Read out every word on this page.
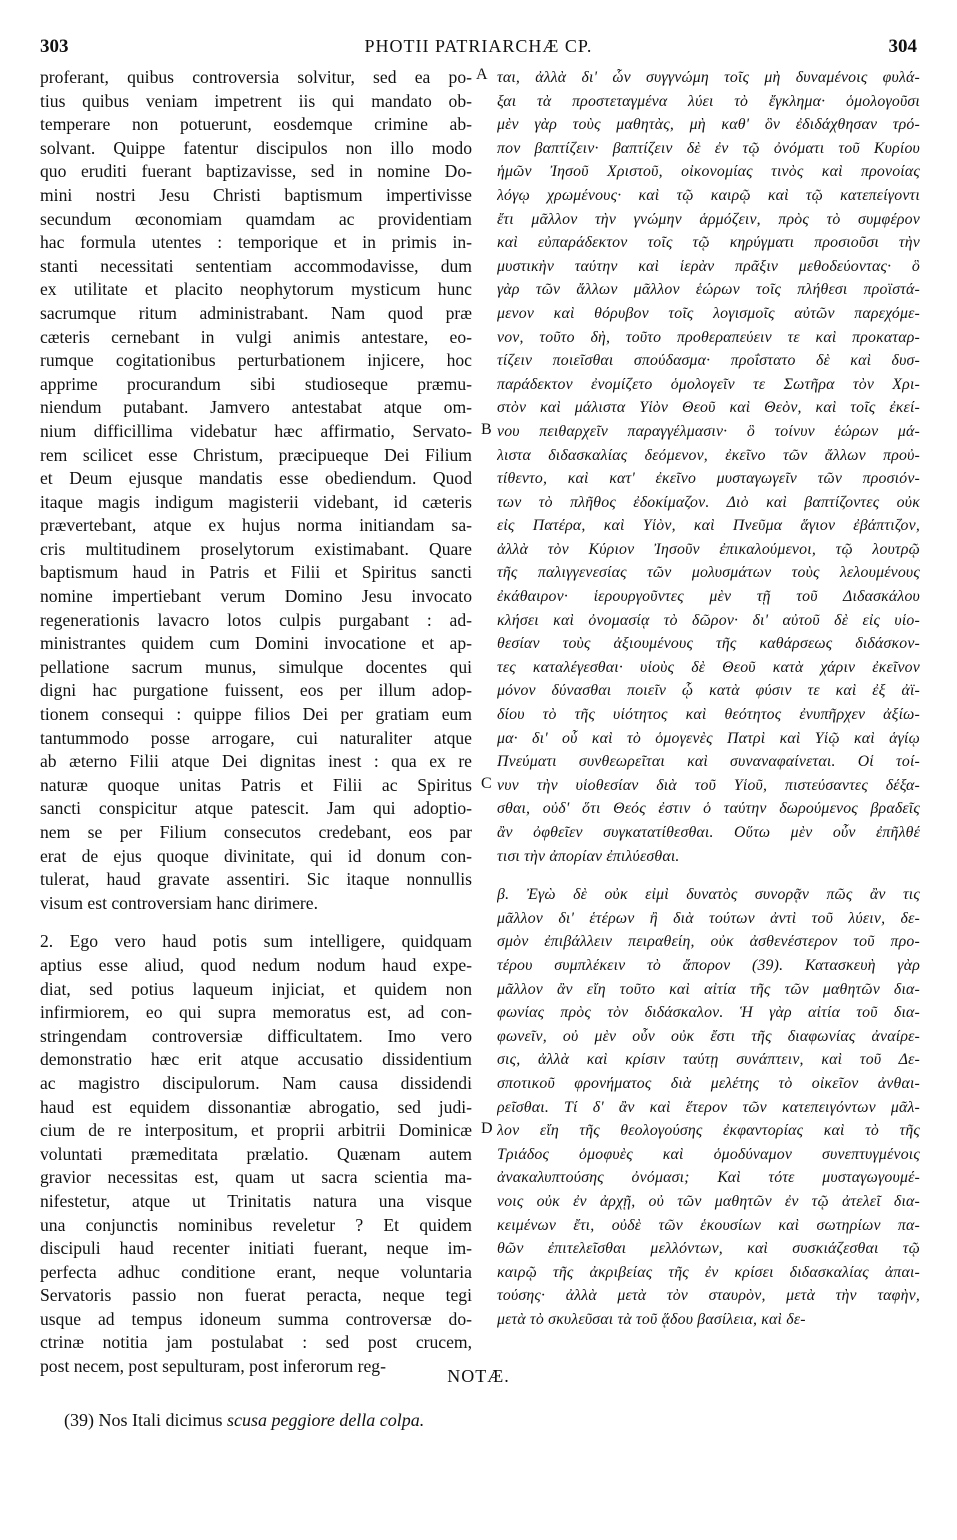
303	PHOTII PATRIARCHÆ CP.	304
proferant, quibus controversia solvitur, sed ea po-
tius quibus veniam impetrent iis qui mandato ob-
temperare non potuerunt, eosdemque crimine ab-
solvant. Quippe fatentur discipulos non illo modo
quo eruditi fuerant baptizavisse, sed in nomine Do-
mini nostri Jesu Christi baptismum impertivisse
secundum œconomiam quamdam ac providentiam
hac formula utentes : temporique et in primis in-
stanti necessitati sententiam accommodavisse, dum
ex utilitate et placito neophytorum mysticum hunc
sacrumque ritum administrabant. Nam quod præ
cæteris cernebant in vulgi animis antestare, eo-
rumque cogitationibus perturbationem injicere, hoc
apprime procurandum sibi studioseque præmu-
niendum putabant. Jamvero antestabat atque om-
nium difficillima videbatur hæc affirmatio, Servato-
rem scilicet esse Christum, præcipueque Dei Filium
et Deum ejusque mandatis esse obediendum. Quod
itaque magis indigum magisterii videbant, id cæteris
prævertebant, atque ex hujus norma initiandam sa-
cris multitudinem proselytorum existimabant. Quare
baptismum haud in Patris et Filii et Spiritus sancti
nomine impertiebant verum Domino Jesu invocato
regenerationis lavacro lotos culpis purgabant : ad-
ministrantes quidem cum Domini invocatione et ap-
pellatione sacrum munus, simulque docentes qui
digni hac purgatione fuissent, eos per illum adop-
tionem consequi : quippe filios Dei per gratiam eum
tantummodo posse arrogare, cui naturaliter atque
ab æterno Filii atque Dei dignitas inest : qua ex re
naturæ quoque unitas Patris et Filii ac Spiritus
sancti conspicitur atque patescit. Jam qui adoptio-
nem se per Filium consecutos credebant, eos par
erat de ejus quoque divinitate, qui id donum con-
tulerat, haud gravate assentiri. Sic itaque nonnullis
visum est controversiam hanc dirimere.
2. Ego vero haud potis sum intelligere, quidquam
aptius esse aliud, quod nedum nodum haud expe-
diat, sed potius laqueum injiciat, et quidem non
infirmiorem, eo qui supra memoratus est, ad con-
stringendam controversiæ difficultatem. Imo vero
demonstratio hæc erit atque accusatio dissidentium
ac magistro discipulorum. Nam causa dissidendi
haud est equidem dissonantiæ abrogatio, sed judi-
cium de re interpositum, et proprii arbitrii Dominicæ
voluntati præmeditata prælatio. Quænam autem
gravior necessitas est, quam ut sacra scientia ma-
nifestetur, atque ut Trinitatis natura una visque
una conjunctis nominibus reveletur ? Et quidem
discipuli haud recenter initiati fuerant, neque im-
perfecta adhuc conditione erant, neque voluntaria
Servatoris passio non fuerat peracta, neque tegi
usque ad tempus idoneum summa controversæ do-
ctrinæ notitia jam postulabat : sed post crucem,
post necem, post sepulturam, post inferorum reg-
ται, ἀλλὰ δι' ὧν συγγνώμη τοῖς μὴ δυναμένοις φυλά-
ξαι τὰ προστεταγμένα λύει τὸ ἔγκλημα· ὁμολογοῦσι
μὲν γὰρ τοὺς μαθητὰς, μὴ καθ' ὃν ἐδιδάχθησαν τρό-
πον βαπτίζειν· βαπτίζειν δὲ ἐν τῷ ὀνόματι τοῦ Κυρίου
ἡμῶν Ἰησοῦ Χριστοῦ, οἰκονομίας τινὸς καὶ προνοίας
λόγῳ χρωμένους· καὶ τῷ καιρῷ καὶ τῷ κατεπείγοντι
ἔτι μᾶλλον τὴν γνώμην ἁρμόζειν, πρὸς τὸ συμφέρον
καὶ εὐπαράδεκτον τοῖς τῷ κηρύγματι προσιοῦσι τὴν
μυστικὴν ταύτην καὶ ἱερὰν πρᾶξιν μεθοδεύοντας· ὃ
γὰρ τῶν ἄλλων μᾶλλον ἑώρων τοῖς πλήθεσι προϊστά-
μενον καὶ θόρυβον τοῖς λογισμοῖς αὐτῶν παρεχόμε-
νον, τοῦτο δὴ, τοῦτο προθεραπεύειν τε καὶ προκαταρ-
τίζειν ποιεῖσθαι σπούδασμα· προΐστατο δὲ καὶ δυσ-
παράδεκτον ἐνομίζετο ὁμολογεῖν τε Σωτῆρα τὸν Χρι-
στὸν καὶ μάλιστα Υἱὸν Θεοῦ καὶ Θεὸν, καὶ τοῖς ἐκεί-
νου πειθαρχεῖν παραγγέλμασιν· ὃ τοίνυν ἑώρων μά-
λιστα διδασκαλίας δεόμενον, ἐκεῖνο τῶν ἄλλων προὐ-
τίθεντο, καὶ κατ' ἐκεῖνο μυσταγωγεῖν τῶν προσιόν-
των τὸ πλῆθος ἐδοκίμαζον. Διὸ καὶ βαπτίζοντες οὐκ
εἰς Πατέρα, καὶ Υἱὸν, καὶ Πνεῦμα ἅγιον ἐβάπτιζον,
ἀλλὰ τὸν Κύριον Ἰησοῦν ἐπικαλούμενοι, τῷ λουτρῷ
τῆς παλιγγενεσίας τῶν μολυσμάτων τοὺς λελουμένους
ἐκάθαιρον· ἱερουργοῦντες μὲν τῇ τοῦ Διδασκάλου
κλήσει καὶ ὀνομασίᾳ τὸ δῶρον· δι' αὐτοῦ δὲ εἰς υἱο-
θεσίαν τοὺς ἀξιουμένους τῆς καθάρσεως διδάσκον-
τες καταλέγεσθαι· υἱοὺς δὲ Θεοῦ κατὰ χάριν ἐκεῖνον
μόνον δύνασθαι ποιεῖν ᾧ κατὰ φύσιν τε καὶ ἐξ ἀϊ-
δίου τὸ τῆς υἱότητος καὶ θεότητος ἐνυπῆρχεν ἀξίω-
μα· δι' οὗ καὶ τὸ ὁμογενὲς Πατρὶ καὶ Υἱῷ καὶ ἁγίῳ
Πνεύματι συνθεωρεῖται καὶ συναναφαίνεται. Οἱ τοί-
νυν τὴν υἱοθεσίαν διὰ τοῦ Υἱοῦ, πιστεύσαντες δέξα-
σθαι, οὐδ' ὅτι Θεός ἐστιν ὁ ταύτην δωρούμενος βραδεῖς
ἂν ὀφθεῖεν συγκατατίθεσθαι. Οὕτω μὲν οὖν ἐπῆλθέ
τισι τὴν ἀπορίαν ἐπιλύεσθαι.
β. Ἐγὼ δὲ οὐκ εἰμὶ δυνατὸς συνορᾷν πῶς ἂν τις
μᾶλλον δι' ἑτέρων ἢ διὰ τούτων ἀντὶ τοῦ λύειν, δε-
σμὸν ἐπιβάλλειν πειραθείη, οὐκ ἀσθενέστερον τοῦ προ-
τέρου συμπλέκειν τὸ ἄπορον (39). Κατασκευὴ γὰρ
μᾶλλον ἂν εἴη τοῦτο καὶ αἰτία τῆς τῶν μαθητῶν δια-
φωνίας πρὸς τὸν διδάσκαλον. Ἡ γὰρ αἰτία τοῦ δια-
φωνεῖν, οὐ μὲν οὖν οὐκ ἔστι τῆς διαφωνίας ἀναίρε-
σις, ἀλλὰ καὶ κρίσιν ταύτῃ συνάπτειν, καὶ τοῦ Δε-
σποτικοῦ φρονήματος διὰ μελέτης τὸ οἰκεῖον ἀνθαι-
ρεῖσθαι. Τί δ' ἂν καὶ ἕτερον τῶν κατεπειγόντων μᾶλ-
λον εἴη τῆς θεολογούσης ἐκφαντορίας καὶ τὸ τῆς
Τριάδος ὁμοφυὲς καὶ ὁμοδύναμον συνεπτυγμένοις
ἀνακαλυπτούσης ὀνόμασι; Καὶ τότε μυσταγωγουμέ-
νοις οὐκ ἐν ἀρχῇ, οὐ τῶν μαθητῶν ἐν τῷ ἀτελεῖ δια-
κειμένων ἔτι, οὐδὲ τῶν ἑκουσίων καὶ σωτηρίων πα-
θῶν ἐπιτελεῖσθαι μελλόντων, καὶ συσκιάζεσθαι τῷ
καιρῷ τῆς ἀκριβείας τῆς ἐν κρίσει διδασκαλίας ἀπαι-
τούσης· ἀλλὰ μετὰ τὸν σταυρὸν, μετὰ τὴν ταφὴν,
μετὰ τὸ σκυλεῦσαι τὰ τοῦ ᾅδου βασίλεια, καὶ δε-
A
B
C
D
NOTÆ.
(39) Nos Itali dicimus scusa peggiore della colpa.
